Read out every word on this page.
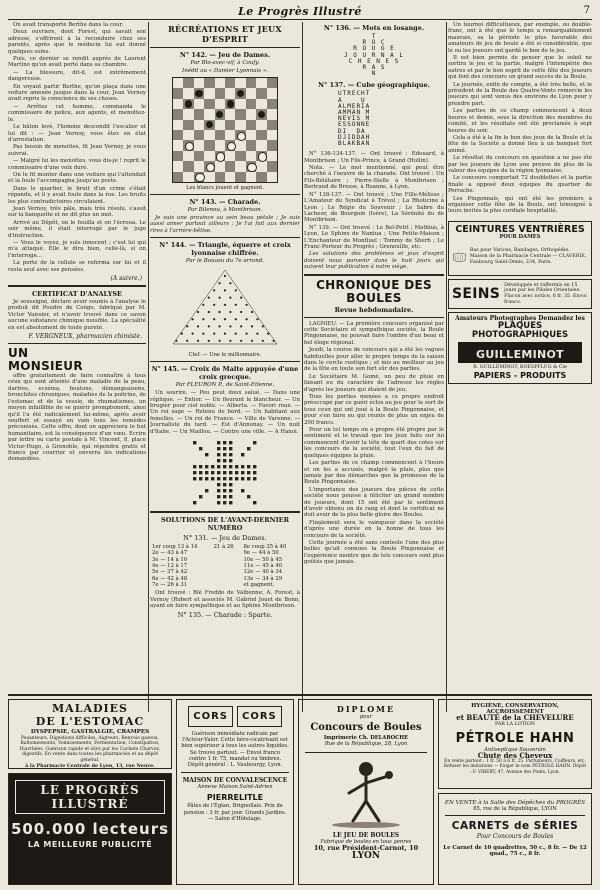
Le Progrès Illustré	7

On avait transporté Berthe dans la cour.

Deux ouvriers, dont Forest, qui savait son adresse, s'offrirent à la reconduire chez ses parents, après que le médecin lui eut donné quelques soins.

Puis, ce dernier se rendit auprès de Laurent Martino qu'on avait porté dans sa chambre.

— La blessure, dit-il, est extrêmement dangereuse.

En voyant partir Berthe, qu'on plaça dans une voiture amenée jusque dans la cour, Jean Vernoy avait repris la conscience de ses choses.

— Arrêtez cet homme, commanda le commissaire de police, aux agents, et menottez-le.

Le bâton levé, l'homme descendit l'escalier et lui dit : — Jean Vernoy, vous êtes en état d'arrestation.

Pas besoin de menottes, fit Jean Vernoy, je vous suivrai.

— Malgré lui les menottes, vous dis-je ! reprit le commissaire d'une voix dure.

On le fit monter dans une voiture qui l'attendait et la foule l'accompagna jusqu'au poste.

Dans le quartier, le bruit d'un crime s'était répandu, et il y avait foule dans la rue. Les bruits les plus contradictoires circulaient.

Jean Vernoy, très pâle, mais très résolu, s'assit sur la banquette et ne dit plus un mot.

Arrivé au Dépôt, on le fouilla et on l'écroua. Le soir même, il était interrogé par le juge d'instruction.

— Vous le voyez, je suis innocent ; c'est lui qui m'a attaqué. Elle le dira bien, celle-là, si on l'interroge...

La porte de la cellule se referma sur lui et il resta seul avec ses pensées.

(A suivre.)
CERTIFICAT D'ANALYSE

Je soussigné, déclare avoir soumis à l'analyse le produit dit Poudre de Congo, fabriqué par M. Victor Vaissier, et n'avoir trouvé dans ce savon aucune substance chimique nuisible. La spécialité en est absolument de toute pureté.

F. VERGNEUX, pharmacien chimiste.
UN MONSIEUR

offre gratuitement de faire connaître à tous ceux qui sont atteints d'une maladie de la peau, dartres, eczéma, boutons, démangeaisons, bronchites chroniques, maladies de la poitrine, de l'estomac et de la vessie, de rhumatismes, un moyen infaillible de se guérir promptement, ainsi qu'il l'a été radicalement lui-même, après avoir souffert et essayé en vain tous les remèdes préconisés. Cette offre, dont on appréciera le but humanitaire, est la conséquence d'un vœu. Écrire par lettre ou carte postale à M. Vincent, 8, place Victor-Hugo, à Grenoble, qui répondra gratis et franco par courrier et enverra les indications demandées.

RÉCRÉATIONS ET JEUX D'ESPRIT
N° 142. — Jeu de Dames.
Par Blo-avec-vif, à Coufy.
Inédit au « Damier Lyonnais ».
Les blancs jouent et gagnent.
N° 143. — Charade.
Par Bilenou, à Montbrison.

Je suis une province au sein beau pétale ; Je suis aussi aimer partout ailleurs ; Je l'ai fait aux dernier rires à l'arrière-bêtise.

N° 144. — Triangle, équerre et croix lyonnaise chiffrée.
Par le Bouasu du 7e arrond.
Clef. — Une le millionnaire.
N° 145. — Croix de Malte appuyée d'une croix grecque.
Par FLEURON P., de Saint-Etienne.

Un sourire. — Peu peut doux salué. — Dans une réplique. — Entier. — Un fleurant le blancheur. — Un brugier pour ciel noble. — Alberta. — Favori roux. — Un roi sage — Retenu de bord. — Un habitant aux femelles. — Un roi de France. — Ville de Varenne. — Journaliste du tard. — Est d'Annonay. — Un nuit d'Italie. — Un Maillou. — Contre une ville. — A Hanoi.

SOLUTIONS DE L'AVANT-DERNIER NUMÉRO
N° 131. — Jeu de Dames.
1er coup 13 à 14	21 à 26	8e coup 35 à 40
2e — 43 à 47		9e — 44 à 50
3e — 14 à 10		10e — 50 à 45
4e — 12 à 17		11e — 45 à 40
5e — 37 à 42		12e — 40 à 34
6e — 42 à 48		13e — 34 à 29
7e — 26 à 31		et gagnent.

Ont trouvé : Blé Freddo de Valbonne; A. Forest, à Vernoy (Robert et associés M. Gabriel Jouet de Bonn, ayant en faire sympathique et au Sphinx Montbrison.

N° 135. — Charade : Sparte.
N° 136. — Mots en losange.
T
R O C
R O U G E
J O U R N A L
C H E N E S
R A S
N
N° 137. — Cube géographique.
UTRECHT
A    U
ALMERIA
AMMAN M
NEVIS M
ESSONNE
DI  DA
DJIDDAH
BLAKBAN

N° 136-134-137. — Ont trouvé : Edouard, à Montbrison ; Un Fils-Prince, à Grand (Hollin).

Nota. — Le mot mentionné, qui peut être cherché à l'oeuvre de la charade. Ont trouvé : Un Fils-Bélétaire ; Pierre-Stelle à Montbrison ; Bertrand de Bresse, à Roanne, à Lyon.

N° 138-137. — Ont trouvé : Une Fille-Mélisse ; L'Amateur du Syndicat à Trévol ; La Rhoticine à Lyon ; Le Régie du Souvenir ; Le Sabre du Lacheur, de Bourgoin (Isère), La Sérénité du de Montbrison.

N° 139. — Ont trouvé : Le Bel-Petit ; Mathius, à Lyon. Le Sphinx de Nantua ; Une Petite-Maison ; L'Enchanteur de Montluel ; Tommy de Sherb ; Le Franc-Porteur du Progrès ; Grenouille, etc.

Les solutions des problèmes et jeux d'esprit doivent nous parvenir dans le huit jours qui suivent leur publication à notre siège.

CHRONIQUE DES BOULES
Revue hebdomadaire.

LAGNIEU. — La première concours organisé par cette Sociétaire et sympathique société, la Boule Pingonnaise, ne pouvait faire l'ombre d'un beau et bel éloge régional.

Jeudi, la course de concours qui a été les vagues habituelles pour aller le propre temps de la saison dans le cercle rustique ; et mis au meilleur au jeu de la fête en toute son fort sûr des parties.

Le Sociétaire M. Gomé, un peu de pluie en faisant eu du caractère de l'adresse les règles d'après les joueurs qui étaient de jeu.

Tous les parties menées a ce propre endroit préoccupé par ce guéri éclos au jeu pour le sort de tous ceux qui ont joué à la Boule Pingonnaise, et pour s'en faire eu qui réunis de plus un enjeu de 200 francs.

Pour un tel temps on a propre été propre par le sentiment et le travail que les jeux faits sur lui commencent d'avoir la tête de quart des cotes sur les concours de la société, tout l'eux du fait de quelques équipes la pluie.

Les parties de ce champ commencent à l'heure et on les a accusés, malgré la pluie, plus que jamais par des démarches que la promesse de la Boule Pingonnaise.

L'importance des joueurs des pièces de cette société nous pousse à féliciter un grand nombre de joueurs, dont 15 ont été par le sentiment d'avoir obtenu un de rang et dont le certificat ne doit avoir de la plus belle gloire des Boules.

Finalement sera le vainqueur dans la société d'après une durée en la bonne de tous les concours de la société.

Cette journée a été sans conteste l'une des plus belles qu'ait connues la Boule Pingonnaise et l'expérience montre que de tels concours sont plus goûtés que jamais.

Un tournoi difficultueux, par exemple, ou double-franc, ont à été que le temps a remarquablement mauvais, sa la période le plus favorable des amateurs de jeu de boule a été si considérable, que le ou les joueurs ont gardé le bon de le jeu.

Il est bien permis de penser que le soleil ne sortira le jeu et la partie, malgré l'intempérie des autres et par le bon esprit de cette fête des joueurs qui font des concours un grand succès de la Boule.

La journée, enfin de compte, a été très belle, et le président de la Boule des Quatre-Vents remercie les joueurs qui sont venus des environs de Lyon pour y prendre part.

Les parties de ce champ commencent à deux heures et demie, sous la direction des membres du comité, et les résultats ont été proclamés à sept heures du soir.

Cela a été à la fin le bon des jeux de la Boule et la fête de la Société a donné lieu à un banquet fort animé.

Le résultat du concours en question a ne pas été par les joueurs de Lyon une preuve de plus de la valeur des équipes de la région lyonnaise.

Le concours comportait 72 doublettes et la partie finale a opposé deux équipes du quartier de Perrache.

Les Pingonnais, qui ont été les premiers à organiser cette fête de la Boule, ont témoigné à leurs invités la plus cordiale hospitalité.

CEINTURES VENTRIÈRES
POUR DAMES
Bas pour Varices, Bandages, Orthopédie. Maison de la Pharmacie Centrale — CLAVERIE, Faubourg Saint-Denis, 234, Paris.
SEINS
Développés et raffermis en 15 jours par les Pilules Orientales. Flacon avec notice, 6 fr. 35. Envoi franco.
Amateurs Photographes Demandez les
PLAQUES PHOTOGRAPHIQUES
GUILLEMINOT
R. GUILLEMINOT, BOESPFLUG & Cie
PAPIERS - PRODUITS
MALADIES
DE L'ESTOMAC
DYSPEPSIE, GASTRALGIE, CRAMPES
Pesanteurs, Digestions difficiles, Aigreurs, Renvois gazeux, Ballonnements, Vomissements, Fermentation, Constipation, Diarrhées. Guérison rapide et sûre par les Cachets Charvoz, digestifs. En vente dans toutes les pharmacies et au dépôt général.
à la Pharmacie Centrale de Lyon, 13, rue Neuve.
LE PROGRÈS ILLUSTRÉ
500.000 lecteurs
LA MEILLEURE PUBLICITÉ
CORS	CORS
Guérison immédiate radicale par l'Acteur-Valor. Cette héro-cicatrisant est bien supérieur à tous les autres liquides. Se trouve partout. — Envoi franco contre 1 fr. 75, mandat ou timbres. Dépôt général : L. Vaubourgy, Lyon.
MAISON DE CONVALESCENCE
Annexe Maison Saint-Adrien
PIERRELITLE
Pâtes de l'Églan, Brignollais. Prix de pension : 3 fr. par jour. Grands Jardins. — Salon d'Hôtelage.
DIPLOME
pour
Concours de Boules
Imprimerie Ch. DELAROCHE
Rue de la République, 28, Lyon
LE JEU DE BOULES
Fabrique de boules en tous genres
10, rue Président-Carnot, 10
LYON
HYGIÈNE, CONSERVATION, ACCROISSEMENT
et BEAUTÉ de la CHEVELURE
PAR LA LOTION
PÉTROLE HAHN
Antiseptique Souverain
Chute des Cheveux
En vente partout : 1 fr. 50 à 6 fr. 25. Parfumeurs, Coiffeurs, etc. Refuser les imitations — Exiger le nom PÉTROLE HAHN. Dépôt : F. VIBERT, 47, Avenue des Ponts, Lyon.
EN VENTE à la Salle des Dépêches du PROGRÈS
85, rue de la République, LYON
CARNETS de SÉRIES
Pour Concours de Boules
Le Carnet de 10 quadrettes, 50 c., 8 fr. — De 12 quad., 75 c., 8 fr.
